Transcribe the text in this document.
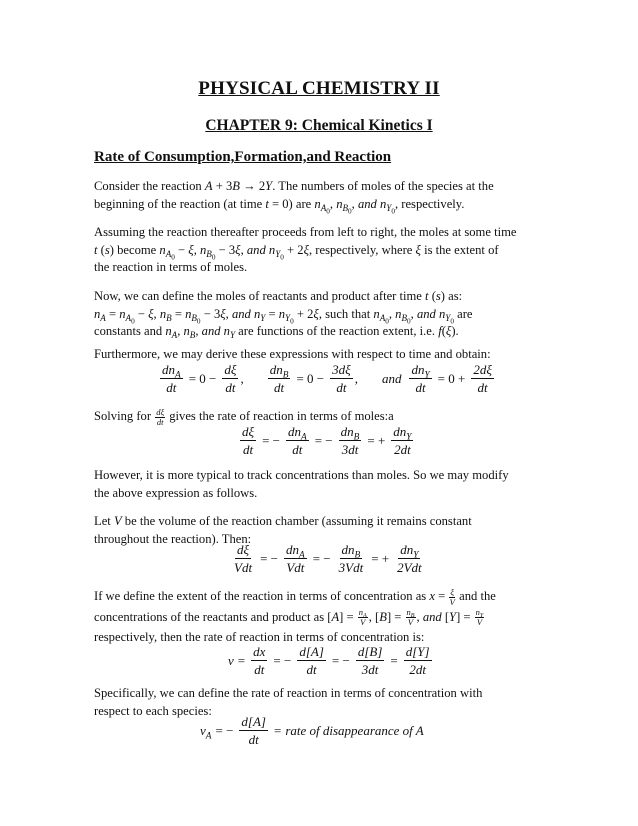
PHYSICAL CHEMISTRY II
CHAPTER 9: Chemical Kinetics I
Rate of Consumption,Formation,and Reaction

Consider the reaction A + 3B → 2Y. The numbers of moles of the species at the

beginning of the reaction (at time t = 0) are $n_{A_0}$, $n_{B_0}$, and $n_{Y_0}$, respectively.

Assuming the reaction thereafter proceeds from left to right, the moles at some time

t (s) become $n_{A_0} - \xi$, $n_{B_0} - 3\xi$, and $n_{Y_0} + 2\xi$, respectively, where ξ is the extent of

the reaction in terms of moles.

Now, we can define the moles of reactants and product after time t (s) as:

$n_A = n_{A_0} - \xi$, $n_B = n_{B_0} - 3\xi$, and $n_Y = n_{Y_0} + 2\xi$, such that $n_{A_0}$, $n_{B_0}$, and $n_{Y_0}$ are

constants and $n_A$, $n_B$, and $n_Y$ are functions of the reaction extent, i.e. f(ξ).

Furthermore, we may derive these expressions with respect to time and obtain:

$\frac{dn_A}{dt} = 0 - \frac{d\xi}{dt}$ , $\frac{dn_B}{dt} = 0 - \frac{3d\xi}{dt}$ , and $\frac{dn_Y}{dt} = 0 + \frac{2d\xi}{dt}$

Solving for $\frac{d\xi}{dt}$ gives the rate of reaction in terms of moles:a

$\frac{d\xi}{dt}$ = − $\frac{dn_A}{dt}$ = − $\frac{dn_B}{3dt}$ = + $\frac{dn_Y}{2dt}$

However, it is more typical to track concentrations than moles. So we may modify

the above expression as follows.

Let V be the volume of the reaction chamber (assuming it remains constant

throughout the reaction). Then:

$\frac{d\xi}{\text{Vdt}}$ = − $\frac{dn_A}{\text{Vdt}}$ = − $\frac{dn_B}{\text{3Vdt}}$ = + $\frac{dn_Y}{\text{2Vdt}}$

If we define the extent of the reaction in terms of concentration as $x = \frac{\xi}{V}$ and the

concentrations of the reactants and product as $[A] = \frac{n_A}{V}$ , $[B] = \frac{n_B}{V}$ , and $[Y] = \frac{n_Y}{V}$

respectively, then the rate of reaction in terms of concentration is:

$v = \frac{dx}{dt}$ = − $\frac{d[A]}{dt}$ = − $\frac{d[B]}{3dt} = \frac{d[Y]}{2dt}$

Specifically, we can define the rate of reaction in terms of concentration with

respect to each species:

$v_A$ = − $\frac{d[A]}{dt}$ = rate of disappearance of A
